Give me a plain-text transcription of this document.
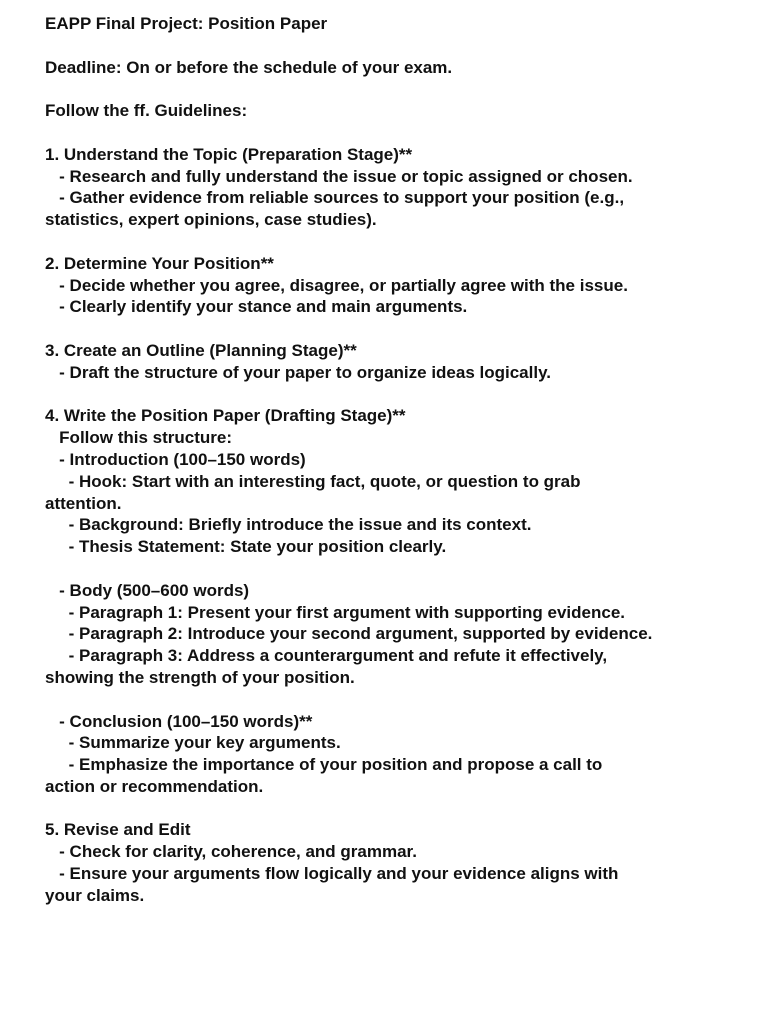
EAPP Final Project: Position Paper
Deadline: On or before the schedule of your exam.
Follow the ff. Guidelines:
1. Understand the Topic (Preparation Stage)**
- Research and fully understand the issue or topic assigned or chosen.
- Gather evidence from reliable sources to support your position (e.g.,
statistics, expert opinions, case studies).
2. Determine Your Position**
- Decide whether you agree, disagree, or partially agree with the issue.
- Clearly identify your stance and main arguments.
3. Create an Outline (Planning Stage)**
- Draft the structure of your paper to organize ideas logically.
4. Write the Position Paper (Drafting Stage)**
Follow this structure:
- Introduction (100–150 words)
- Hook: Start with an interesting fact, quote, or question to grab
attention.
- Background: Briefly introduce the issue and its context.
- Thesis Statement: State your position clearly.
- Body (500–600 words)
- Paragraph 1: Present your first argument with supporting evidence.
- Paragraph 2: Introduce your second argument, supported by evidence.
- Paragraph 3: Address a counterargument and refute it effectively,
showing the strength of your position.
- Conclusion (100–150 words)**
- Summarize your key arguments.
- Emphasize the importance of your position and propose a call to
action or recommendation.
5. Revise and Edit
- Check for clarity, coherence, and grammar.
- Ensure your arguments flow logically and your evidence aligns with
your claims.
